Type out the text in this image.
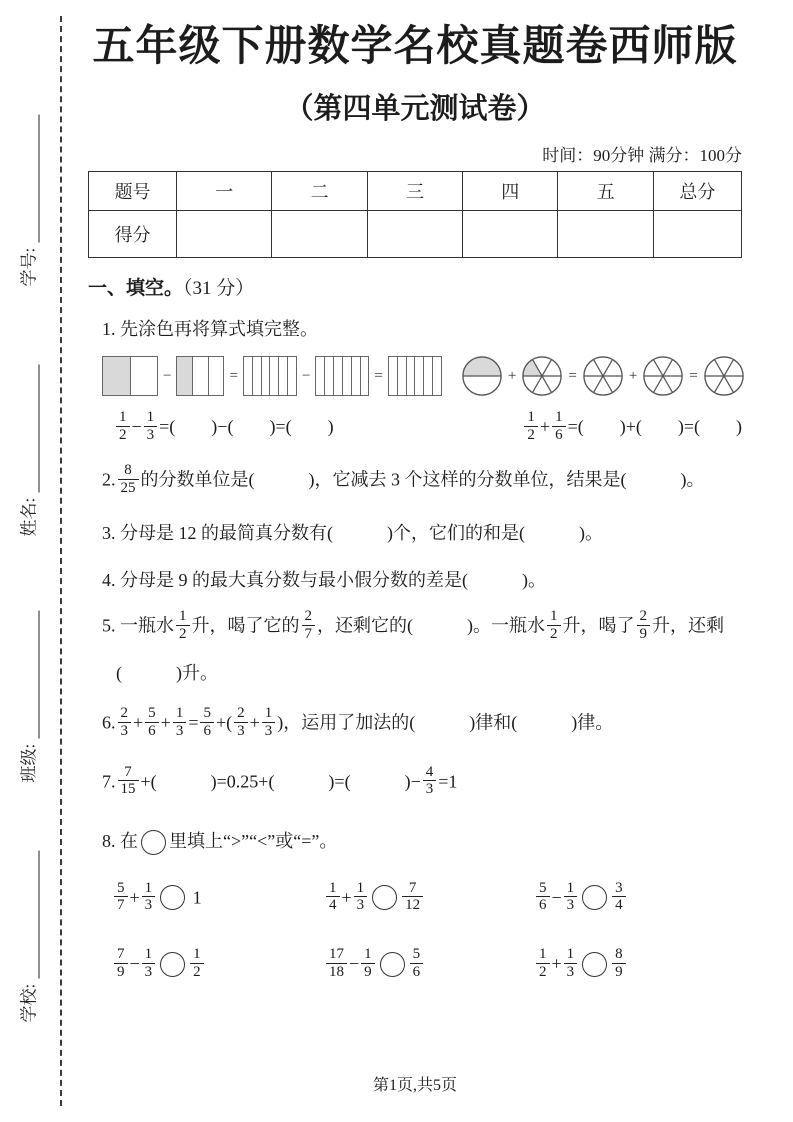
学号:
姓名:
班级:
学校:
五年级下册数学名校真题卷西师版
（第四单元测试卷）
时间：90分钟 满分：100分
题号	一	二	三	四	五	总分
得分						
一、填空。（31 分）
1. 先涂色再将算式填完整。
−	=	−	=	+	=	+	=
$\frac{1}{2} - \frac{1}{3}$ =(　　)−(　　)=(　　)	$\frac{1}{2} + \frac{1}{6}$ =(　　)+(　　)=(　　)
2. $\frac{8}{25}$ 的分数单位是(　　　)，它减去 3 个这样的分数单位，结果是(　　　)。
3. 分母是 12 的最简真分数有(　　　)个，它们的和是(　　　)。
4. 分母是 9 的最大真分数与最小假分数的差是(　　　)。
5. 一瓶水 $\frac{1}{2}$ 升，喝了它的 $\frac{2}{7}$ ，还剩它的(　　　)。一瓶水 $\frac{1}{2}$ 升，喝了 $\frac{2}{9}$ 升，还剩
(　　　)升。
6. $\frac{2}{3} + \frac{5}{6} + \frac{1}{3} = \frac{5}{6}$ +( $\frac{2}{3} + \frac{1}{3}$ )，运用了加法的(　　　)律和(　　　)律。
7. $\frac{7}{15}$ +(　　　)=0.25+(　　　)=(　　　)− $\frac{4}{3} =1$
8. 在 里填上“>”“<”或“=”。
$\frac{5}{7} + \frac{1}{3} 1$	$\frac{1}{4} + \frac{1}{3} \frac{7}{12}$	$\frac{5}{6} - \frac{1}{3} \frac{3}{4}$
$\frac{7}{9} - \frac{1}{3} \frac{1}{2}$	$\frac{17}{18} - \frac{1}{9} \frac{5}{6}$	$\frac{1}{2} + \frac{1}{3} \frac{8}{9}$
第1页,共5页
